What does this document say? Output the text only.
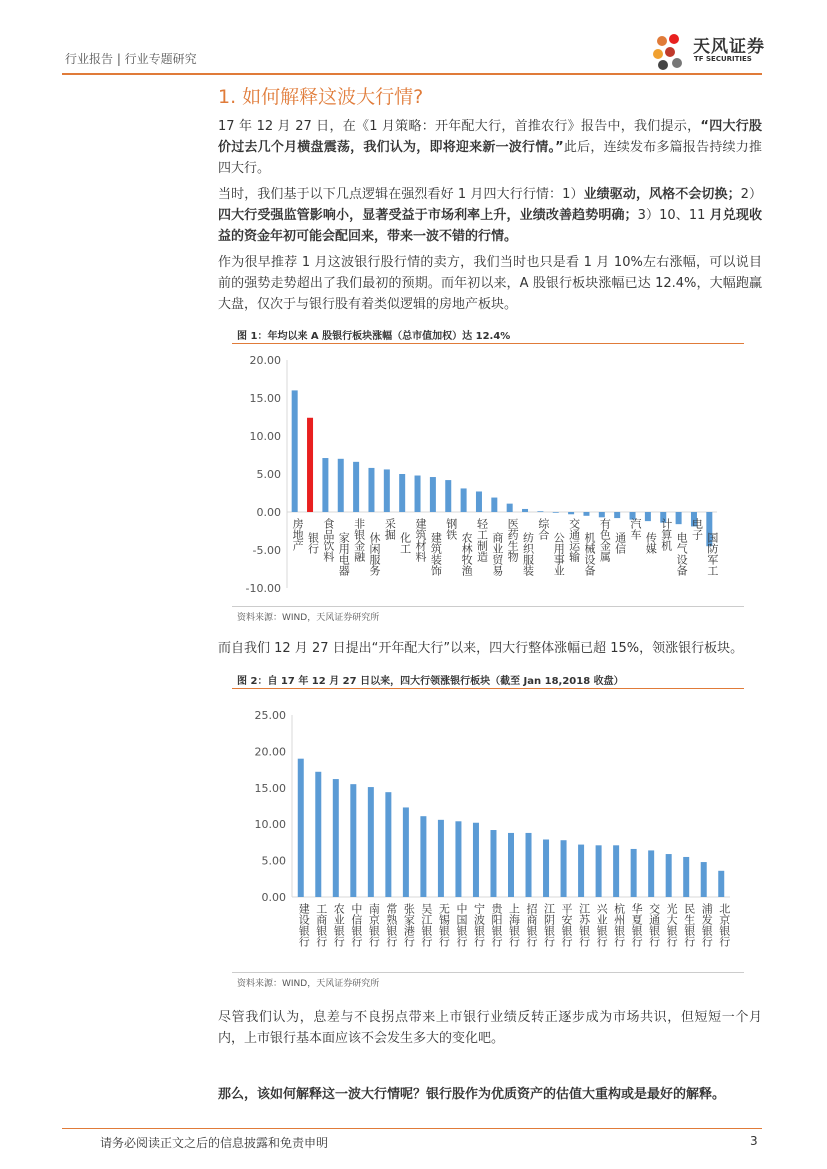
行业报告 | 行业专题研究
天风证券
TF SECURITIES
1. 如何解释这波大行情?
17 年 12 月 27 日，在《1 月策略：开年配大行，首推农行》报告中，我们提示，“四大行股价过去几个月横盘震荡，我们认为，即将迎来新一波行情。”此后，连续发布多篇报告持续力推四大行。
当时，我们基于以下几点逻辑在强烈看好 1 月四大行行情：1）业绩驱动，风格不会切换；2）四大行受强监管影响小，显著受益于市场利率上升，业绩改善趋势明确；3）10、11 月兑现收益的资金年初可能会配回来，带来一波不错的行情。
作为很早推荐 1 月这波银行股行情的卖方，我们当时也只是看 1 月 10%左右涨幅，可以说目前的强势走势超出了我们最初的预期。而年初以来，A 股银行板块涨幅已达 12.4%，大幅跑赢大盘，仅次于与银行股有着类似逻辑的房地产板块。
图 1：年均以来 A 股银行板块涨幅（总市值加权）达 12.4%
20.00
15.00
10.00
5.00
0.00
-5.00
-10.00
房地产 银行 食品饮料 家用电器 非银金融 休闲服务
采掘
化工 建筑材料 建筑装饰
钢铁
农林牧渔 轻工制造 商业贸易 医药生物 纺织服装
综合
公用事业 交通运输 机械设备 有色金属 通信
汽车
传媒 计算机 电气设备
电子
国防军工
资料来源：WIND，天风证券研究所
而自我们 12 月 27 日提出“开年配大行”以来，四大行整体涨幅已超 15%，领涨银行板块。
图 2：自 17 年 12 月 27 日以来，四大行领涨银行板块（截至 Jan 18,2018 收盘）
25.00
20.00
15.00
10.00
5.00
0.00
建设银行 工商银行 农业银行 中信银行 南京银行 常熟银行 张家港行 吴江银行 无锡银行 中国银行 宁波银行 贵阳银行 上海银行 招商银行 江阴银行 平安银行 江苏银行 兴业银行 杭州银行 华夏银行 交通银行 光大银行 民生银行 浦发银行 北京银行
资料来源：WIND，天风证券研究所
尽管我们认为，息差与不良拐点带来上市银行业绩反转正逐步成为市场共识，但短短一个月内，上市银行基本面应该不会发生多大的变化吧。
那么，该如何解释这一波大行情呢？银行股作为优质资产的估值大重构或是最好的解释。
请务必阅读正文之后的信息披露和免责申明	3
